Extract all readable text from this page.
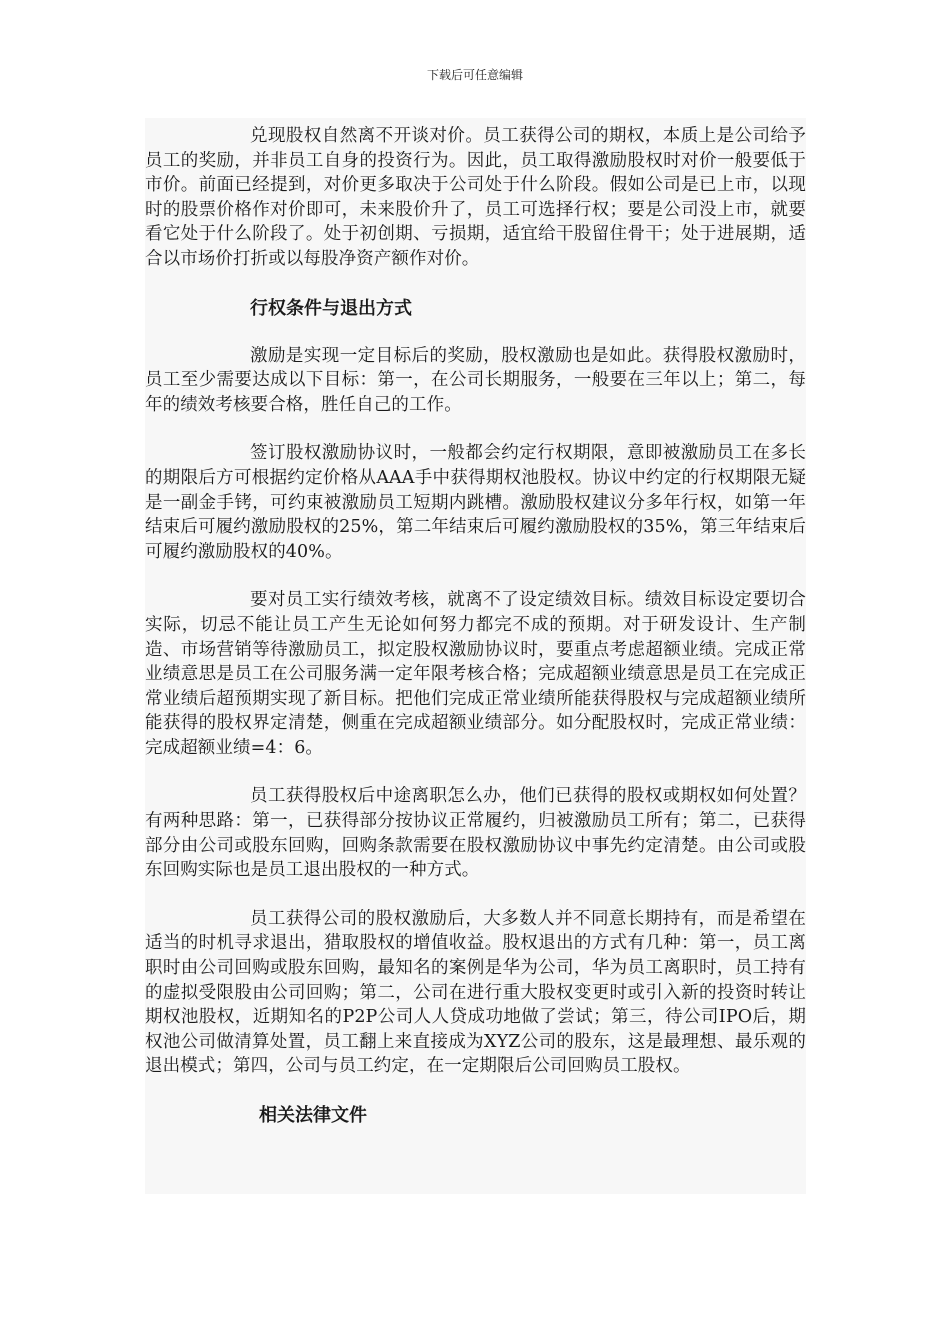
下载后可任意编辑

兑现股权自然离不开谈对价。员工获得公司的期权，本质上是公司给予员工的奖励，并非员工自身的投资行为。因此，员工取得激励股权时对价一般要低于市价。前面已经提到，对价更多取决于公司处于什么阶段。假如公司是已上市，以现时的股票价格作对价即可，未来股价升了，员工可选择行权；要是公司没上市，就要看它处于什么阶段了。处于初创期、亏损期，适宜给干股留住骨干；处于进展期，适合以市场价打折或以每股净资产额作对价。

行权条件与退出方式

激励是实现一定目标后的奖励，股权激励也是如此。获得股权激励时，员工至少需要达成以下目标：第一，在公司长期服务，一般要在三年以上；第二，每年的绩效考核要合格，胜任自己的工作。

签订股权激励协议时，一般都会约定行权期限，意即被激励员工在多长的期限后方可根据约定价格从AAA手中获得期权池股权。协议中约定的行权期限无疑是一副金手铐，可约束被激励员工短期内跳槽。激励股权建议分多年行权，如第一年结束后可履约激励股权的25%，第二年结束后可履约激励股权的35%，第三年结束后可履约激励股权的40%。

要对员工实行绩效考核，就离不了设定绩效目标。绩效目标设定要切合实际，切忌不能让员工产生无论如何努力都完不成的预期。对于研发设计、生产制造、市场营销等待激励员工，拟定股权激励协议时，要重点考虑超额业绩。完成正常业绩意思是员工在公司服务满一定年限考核合格；完成超额业绩意思是员工在完成正常业绩后超预期实现了新目标。把他们完成正常业绩所能获得股权与完成超额业绩所能获得的股权界定清楚，侧重在完成超额业绩部分。如分配股权时，完成正常业绩：完成超额业绩=4：6。

员工获得股权后中途离职怎么办，他们已获得的股权或期权如何处置？有两种思路：第一，已获得部分按协议正常履约，归被激励员工所有；第二，已获得部分由公司或股东回购，回购条款需要在股权激励协议中事先约定清楚。由公司或股东回购实际也是员工退出股权的一种方式。

员工获得公司的股权激励后，大多数人并不同意长期持有，而是希望在适当的时机寻求退出，猎取股权的增值收益。股权退出的方式有几种：第一，员工离职时由公司回购或股东回购，最知名的案例是华为公司，华为员工离职时，员工持有的虚拟受限股由公司回购；第二，公司在进行重大股权变更时或引入新的投资时转让期权池股权，近期知名的P2P公司人人贷成功地做了尝试；第三，待公司IPO后，期权池公司做清算处置，员工翻上来直接成为XYZ公司的股东，这是最理想、最乐观的退出模式；第四，公司与员工约定，在一定期限后公司回购员工股权。

相关法律文件
